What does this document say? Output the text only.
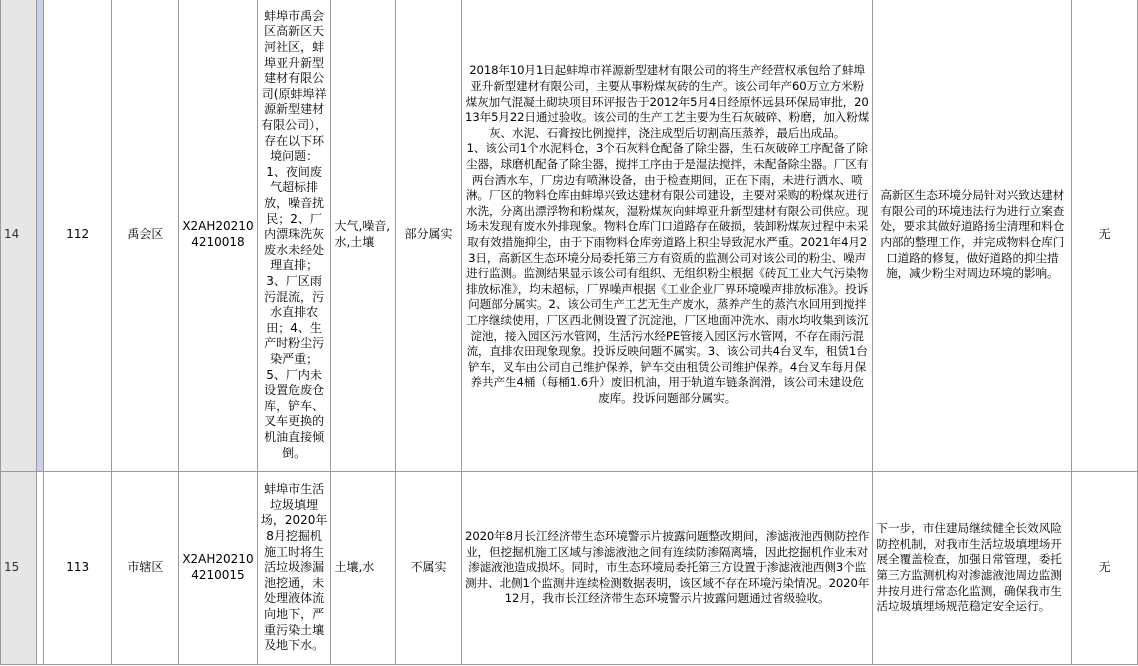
14		112	禹会区	X2AH202104210018	蚌埠市禹会区高新区天河社区，蚌埠亚升新型建材有限公司(原蚌埠祥源新型建材有限公司），存在以下环境问题：1、夜间废气超标排放，噪音扰民；2、厂内漂珠洗灰废水未经处理直排；3、厂区雨污混流，污水直排农田；4、生产时粉尘污染严重；5、厂内未设置危废仓库，铲车、叉车更换的机油直接倾倒。	大气,噪音,水,土壤	部分属实	2018年10月1日起蚌埠市祥源新型建材有限公司的将生产经营权承包给了蚌埠亚升新型建材有限公司，主要从事粉煤灰砖的生产。该公司年产60万立方米粉煤灰加气混凝土砌块项目环评报告于2012年5月4日经原怀远县环保局审批，2013年5月22日通过验收。该公司的生产工艺主要为生石灰破碎、粉磨，加入粉煤灰、水泥、石膏按比例搅拌，浇注成型后切割高压蒸养，最后出成品。
1、该公司1个水泥料仓，3个石灰料仓配备了除尘器，生石灰破碎工序配备了除尘器，球磨机配备了除尘器，搅拌工序由于是湿法搅拌，未配备除尘器。厂区有两台洒水车，厂房边有喷淋设备，由于检查期间，正在下雨，未进行洒水、喷淋。厂区的物料仓库由蚌埠兴致达建材有限公司建设，主要对采购的粉煤灰进行水洗，分离出漂浮物和粉煤灰，湿粉煤灰向蚌埠亚升新型建材有限公司供应。现场未发现有废水外排现象。物料仓库门口道路存在破损，装卸粉煤灰过程中未采取有效措施抑尘，由于下雨物料仓库旁道路上积尘导致泥水严重。2021年4月23日，高新区生态环境分局委托第三方有资质的监测公司对该公司的粉尘、噪声进行监测。监测结果显示该公司有组织、无组织粉尘根据《砖瓦工业大气污染物排放标准》，均未超标，厂界噪声根据《工业企业厂界环境噪声排放标准》。投诉问题部分属实。2、该公司生产工艺无生产废水，蒸养产生的蒸汽水回用到搅拌工序继续使用，厂区西北侧设置了沉淀池，厂区地面冲洗水、雨水均收集到该沉淀池，接入园区污水管网，生活污水经PE管接入园区污水管网，不存在雨污混流，直排农田现象现象。投诉反映问题不属实。3、该公司共4台叉车，租赁1台铲车，叉车由公司自己维护保养，铲车交由租赁公司维护保养。4台叉车每月保养共产生4桶（每桶1.6升）废旧机油，用于轨道车链条润滑，该公司未建设危废库。投诉问题部分属实。	高新区生态环境分局针对兴致达建材有限公司的环境违法行为进行立案查处，要求其做好道路扬尘清理和料仓内部的整理工作，并完成物料仓库门口道路的修复，做好道路的抑尘措施，减少粉尘对周边环境的影响。	无
15		113	市辖区	X2AH202104210015	蚌埠市生活垃圾填埋场，2020年8月挖掘机施工时将生活垃圾渗漏池挖通，未处理液体流向地下，严重污染土壤及地下水。	土壤,水	不属实	2020年8月长江经济带生态环境警示片披露问题整改期间，渗滤液池西侧防控作业，但挖掘机施工区域与渗滤液池之间有连续防渗隔离墙，因此挖掘机作业未对渗滤液池造成损坏。同时，市生态环境局委托第三方设置于渗滤液池西侧3个监测井、北侧1个监测井连续检测数据表明，该区域不存在环境污染情况。2020年12月，我市长江经济带生态环境警示片披露问题通过省级验收。	下一步，市住建局继续健全长效风险防控机制，对我市生活垃圾填埋场开展全覆盖检查，加强日常管理，委托第三方监测机构对渗滤液池周边监测井按月进行常态化监测，确保我市生活垃圾填埋场规范稳定安全运行。	无
